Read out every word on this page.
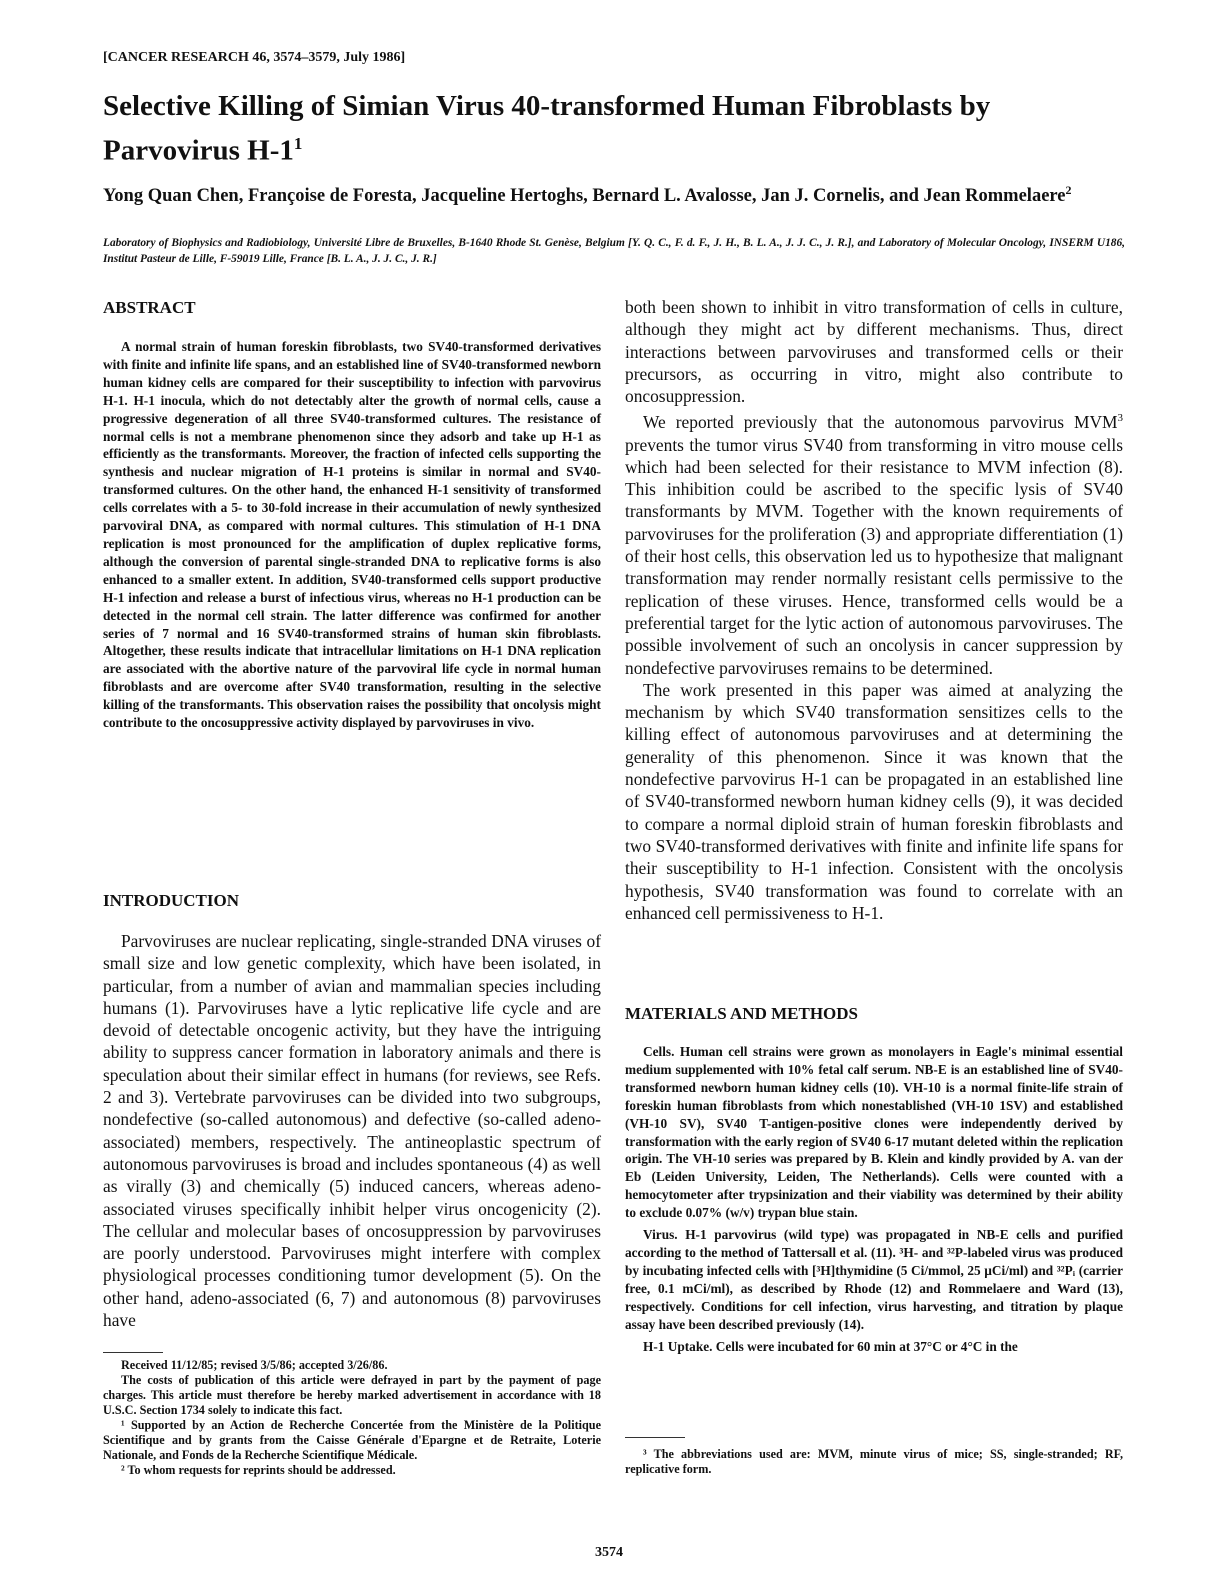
[CANCER RESEARCH 46, 3574–3579, July 1986]
Selective Killing of Simian Virus 40-transformed Human Fibroblasts by Parvovirus $H-1^1$
Yong Quan Chen, Françoise de Foresta, Jacqueline Hertoghs, Bernard L. Avalosse, Jan J. Cornelis, and Jean Rommelaere$^2$
Laboratory of Biophysics and Radiobiology, Université Libre de Bruxelles, B-1640 Rhode St. Genèse, Belgium [Y. Q. C., F. d. F., J. H., B. L. A., J. J. C., J. R.], and Laboratory of Molecular Oncology, INSERM U186, Institut Pasteur de Lille, F-59019 Lille, France [B. L. A., J. J. C., J. R.]
ABSTRACT

A normal strain of human foreskin fibroblasts, two SV40-transformed derivatives with finite and infinite life spans, and an established line of SV40-transformed newborn human kidney cells are compared for their susceptibility to infection with parvovirus H-1. H-1 inocula, which do not detectably alter the growth of normal cells, cause a progressive degeneration of all three SV40-transformed cultures. The resistance of normal cells is not a membrane phenomenon since they adsorb and take up H-1 as efficiently as the transformants. Moreover, the fraction of infected cells supporting the synthesis and nuclear migration of H-1 proteins is similar in normal and SV40-transformed cultures. On the other hand, the enhanced H-1 sensitivity of transformed cells correlates with a 5- to 30-fold increase in their accumulation of newly synthesized parvoviral DNA, as compared with normal cultures. This stimulation of H-1 DNA replication is most pronounced for the amplification of duplex replicative forms, although the conversion of parental single-stranded DNA to replicative forms is also enhanced to a smaller extent. In addition, SV40-transformed cells support productive H-1 infection and release a burst of infectious virus, whereas no H-1 production can be detected in the normal cell strain. The latter difference was confirmed for another series of 7 normal and 16 SV40-transformed strains of human skin fibroblasts. Altogether, these results indicate that intracellular limitations on H-1 DNA replication are associated with the abortive nature of the parvoviral life cycle in normal human fibroblasts and are overcome after SV40 transformation, resulting in the selective killing of the transformants. This observation raises the possibility that oncolysis might contribute to the oncosuppressive activity displayed by parvoviruses in vivo.

INTRODUCTION

Parvoviruses are nuclear replicating, single-stranded DNA viruses of small size and low genetic complexity, which have been isolated, in particular, from a number of avian and mammalian species including humans (1). Parvoviruses have a lytic replicative life cycle and are devoid of detectable oncogenic activity, but they have the intriguing ability to suppress cancer formation in laboratory animals and there is speculation about their similar effect in humans (for reviews, see Refs. 2 and 3). Vertebrate parvoviruses can be divided into two subgroups, nondefective (so-called autonomous) and defective (so-called adeno-associated) members, respectively. The antineoplastic spectrum of autonomous parvoviruses is broad and includes spontaneous (4) as well as virally (3) and chemically (5) induced cancers, whereas adeno-associated viruses specifically inhibit helper virus oncogenicity (2). The cellular and molecular bases of oncosuppression by parvoviruses are poorly understood. Parvoviruses might interfere with complex physiological processes conditioning tumor development (5). On the other hand, adeno-associated (6, 7) and autonomous (8) parvoviruses have

Received 11/12/85; revised 3/5/86; accepted 3/26/86.

The costs of publication of this article were defrayed in part by the payment of page charges. This article must therefore be hereby marked advertisement in accordance with 18 U.S.C. Section 1734 solely to indicate this fact.

¹ Supported by an Action de Recherche Concertée from the Ministère de la Politique Scientifique and by grants from the Caisse Générale d'Epargne et de Retraite, Loterie Nationale, and Fonds de la Recherche Scientifique Médicale.

² To whom requests for reprints should be addressed.

both been shown to inhibit in vitro transformation of cells in culture, although they might act by different mechanisms. Thus, direct interactions between parvoviruses and transformed cells or their precursors, as occurring in vitro, might also contribute to oncosuppression.

We reported previously that the autonomous parvovirus MVM$^3$ prevents the tumor virus SV40 from transforming in vitro mouse cells which had been selected for their resistance to MVM infection (8). This inhibition could be ascribed to the specific lysis of SV40 transformants by MVM. Together with the known requirements of parvoviruses for the proliferation (3) and appropriate differentiation (1) of their host cells, this observation led us to hypothesize that malignant transformation may render normally resistant cells permissive to the replication of these viruses. Hence, transformed cells would be a preferential target for the lytic action of autonomous parvoviruses. The possible involvement of such an oncolysis in cancer suppression by nondefective parvoviruses remains to be determined.

The work presented in this paper was aimed at analyzing the mechanism by which SV40 transformation sensitizes cells to the killing effect of autonomous parvoviruses and at determining the generality of this phenomenon. Since it was known that the nondefective parvovirus H-1 can be propagated in an established line of SV40-transformed newborn human kidney cells (9), it was decided to compare a normal diploid strain of human foreskin fibroblasts and two SV40-transformed derivatives with finite and infinite life spans for their susceptibility to H-1 infection. Consistent with the oncolysis hypothesis, SV40 transformation was found to correlate with an enhanced cell permissiveness to H-1.

MATERIALS AND METHODS

Cells. Human cell strains were grown as monolayers in Eagle's minimal essential medium supplemented with 10% fetal calf serum. NB-E is an established line of SV40-transformed newborn human kidney cells (10). VH-10 is a normal finite-life strain of foreskin human fibroblasts from which nonestablished (VH-10 1SV) and established (VH-10 SV), SV40 T-antigen-positive clones were independently derived by transformation with the early region of SV40 6-17 mutant deleted within the replication origin. The VH-10 series was prepared by B. Klein and kindly provided by A. van der Eb (Leiden University, Leiden, The Netherlands). Cells were counted with a hemocytometer after trypsinization and their viability was determined by their ability to exclude 0.07% (w/v) trypan blue stain.

Virus. H-1 parvovirus (wild type) was propagated in NB-E cells and purified according to the method of Tattersall et al. (11). ³H- and ³²P-labeled virus was produced by incubating infected cells with [³H]thymidine (5 Ci/mmol, 25 µCi/ml) and ³²Pᵢ (carrier free, 0.1 mCi/ml), as described by Rhode (12) and Rommelaere and Ward (13), respectively. Conditions for cell infection, virus harvesting, and titration by plaque assay have been described previously (14).

H-1 Uptake. Cells were incubated for 60 min at 37°C or 4°C in the

³ The abbreviations used are: MVM, minute virus of mice; SS, single-stranded; RF, replicative form.

3574
